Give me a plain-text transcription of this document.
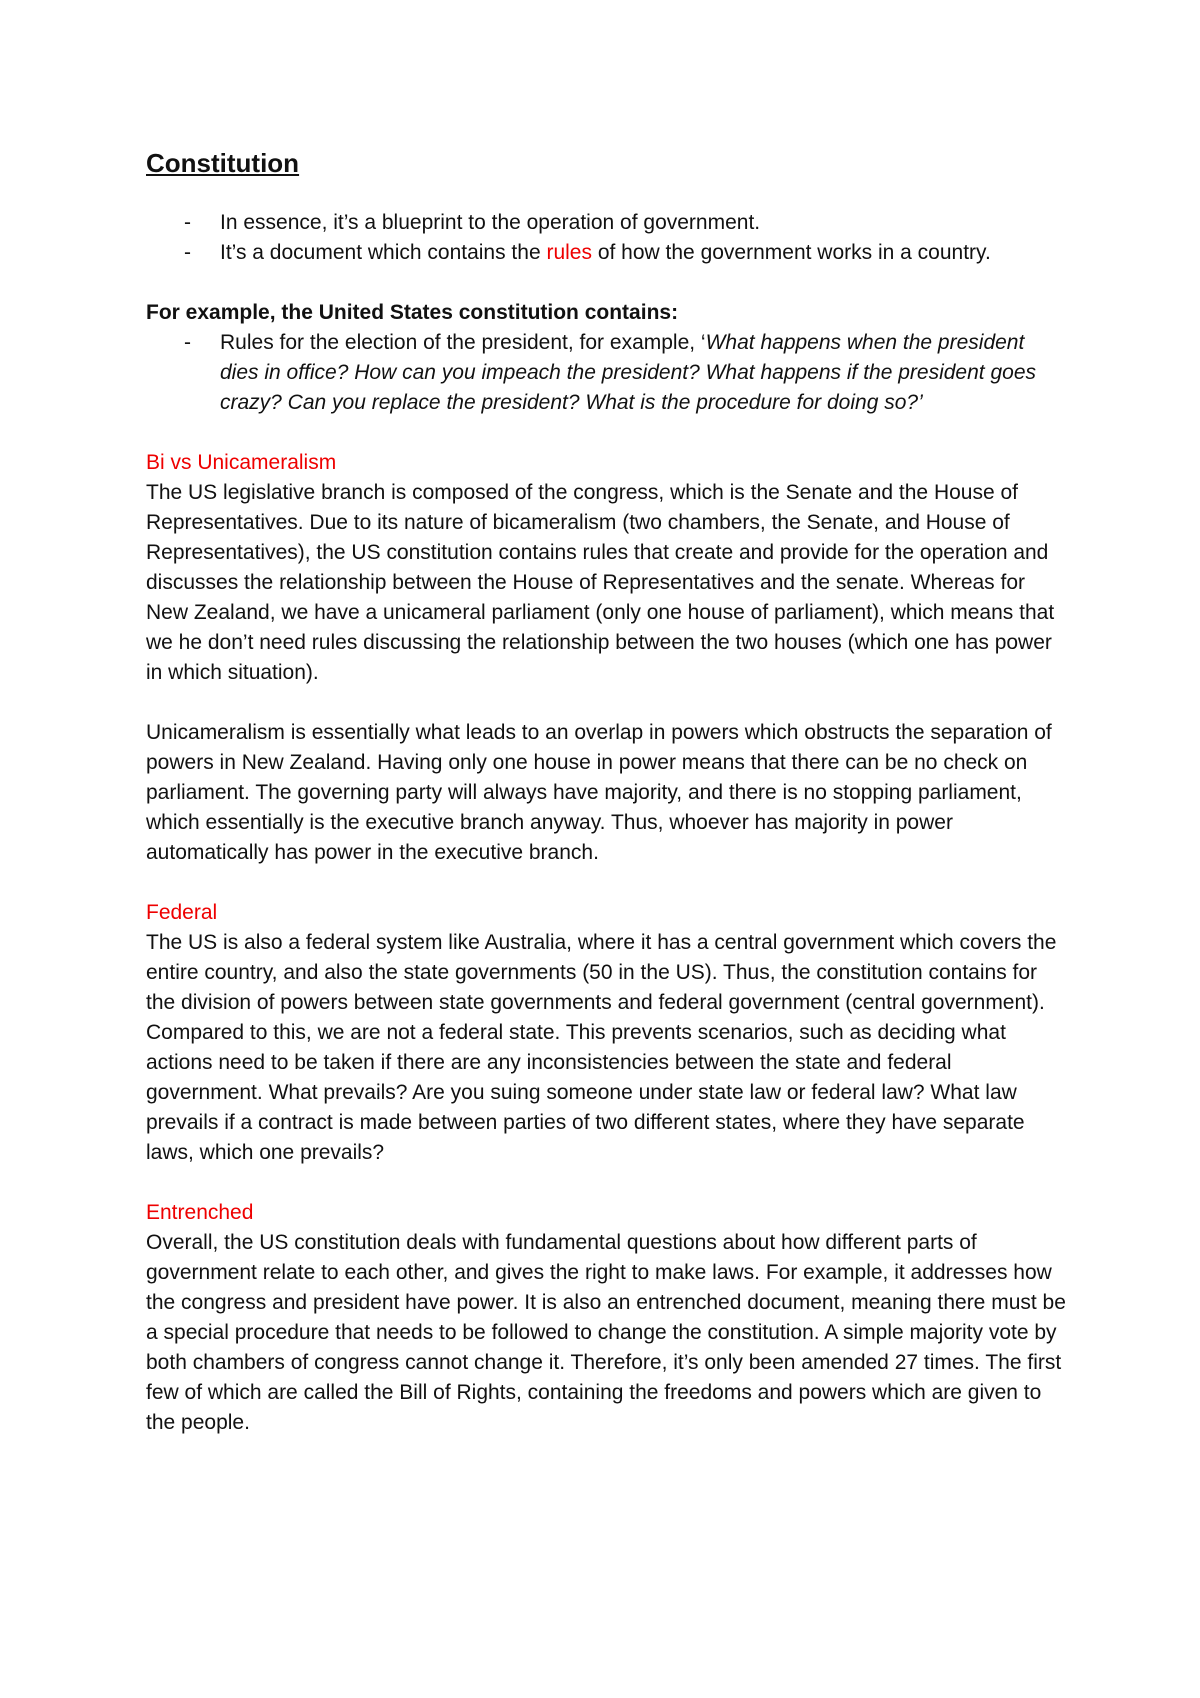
Constitution
- In essence, it’s a blueprint to the operation of government.
- It’s a document which contains the rules of how the government works in a country.
For example, the United States constitution contains:
- Rules for the election of the president, for example, ‘What happens when the president dies in office? How can you impeach the president? What happens if the president goes crazy? Can you replace the president? What is the procedure for doing so?’
Bi vs Unicameralism

The US legislative branch is composed of the congress, which is the Senate and the House of Representatives. Due to its nature of bicameralism (two chambers, the Senate, and House of Representatives), the US constitution contains rules that create and provide for the operation and discusses the relationship between the House of Representatives and the senate. Whereas for New Zealand, we have a unicameral parliament (only one house of parliament), which means that we he don’t need rules discussing the relationship between the two houses (which one has power in which situation).

Unicameralism is essentially what leads to an overlap in powers which obstructs the separation of powers in New Zealand. Having only one house in power means that there can be no check on parliament. The governing party will always have majority, and there is no stopping parliament, which essentially is the executive branch anyway. Thus, whoever has majority in power automatically has power in the executive branch.

Federal

The US is also a federal system like Australia, where it has a central government which covers the entire country, and also the state governments (50 in the US). Thus, the constitution contains for the division of powers between state governments and federal government (central government). Compared to this, we are not a federal state. This prevents scenarios, such as deciding what actions need to be taken if there are any inconsistencies between the state and federal government. What prevails? Are you suing someone under state law or federal law? What law prevails if a contract is made between parties of two different states, where they have separate laws, which one prevails?

Entrenched

Overall, the US constitution deals with fundamental questions about how different parts of government relate to each other, and gives the right to make laws. For example, it addresses how the congress and president have power. It is also an entrenched document, meaning there must be a special procedure that needs to be followed to change the constitution. A simple majority vote by both chambers of congress cannot change it. Therefore, it’s only been amended 27 times. The first few of which are called the Bill of Rights, containing the freedoms and powers which are given to the people.
